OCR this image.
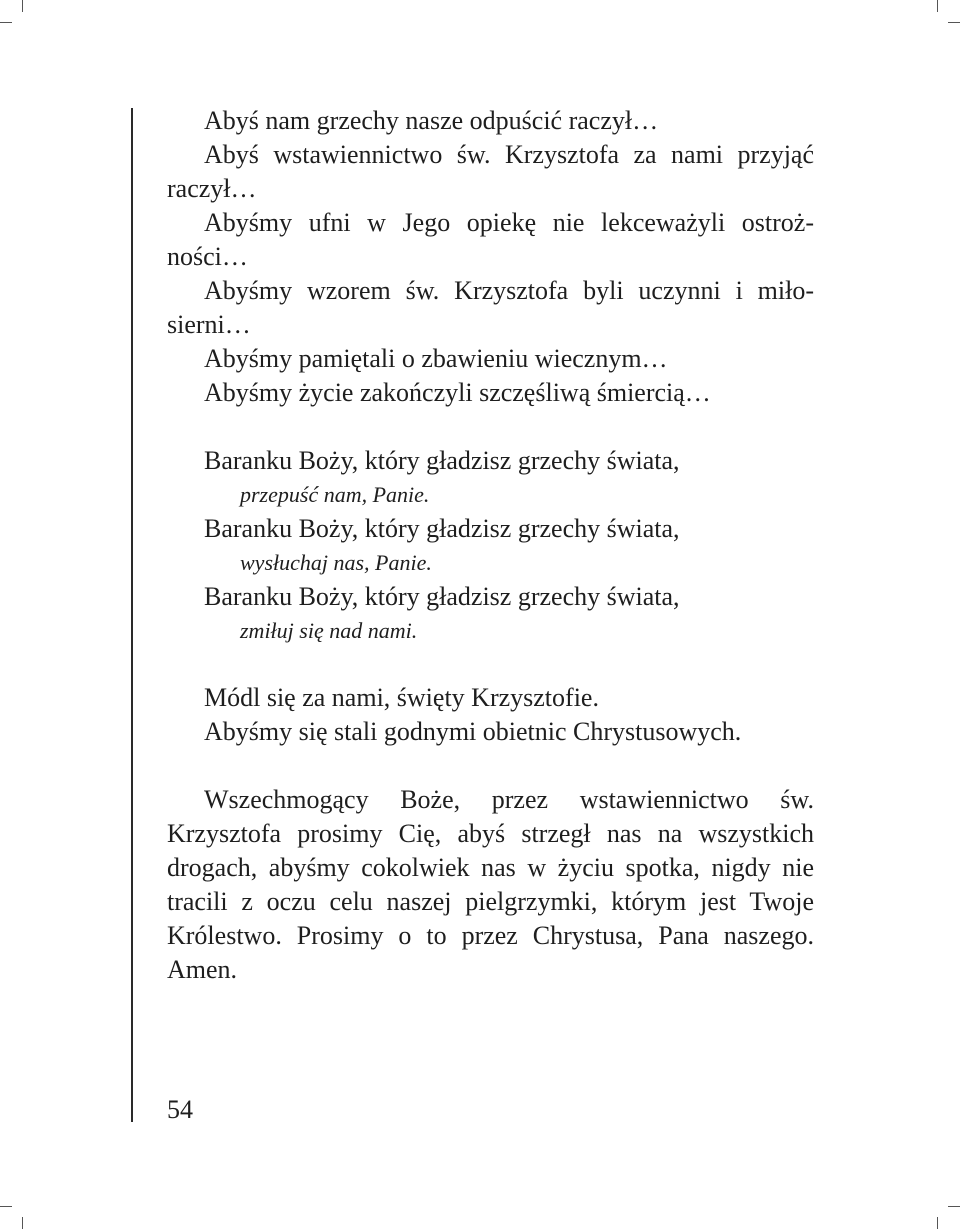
Abyś nam grzechy nasze odpuścić raczył…
Abyś wstawiennictwo św. Krzysztofa za nami przyjąć
raczył…
Abyśmy ufni w Jego opiekę nie lekceważyli ostroż-
ności…
Abyśmy wzorem św. Krzysztofa byli uczynni i miło-
sierni…
Abyśmy pamiętali o zbawieniu wiecznym…
Abyśmy życie zakończyli szczęśliwą śmiercią…
Baranku Boży, który gładzisz grzechy świata,
przepuść nam, Panie.
Baranku Boży, który gładzisz grzechy świata,
wysłuchaj nas, Panie.
Baranku Boży, który gładzisz grzechy świata,
zmiłuj się nad nami.
Módl się za nami, święty Krzysztofie.
Abyśmy się stali godnymi obietnic Chrystusowych.
Wszechmogący Boże, przez wstawiennictwo św.
Krzysztofa prosimy Cię, abyś strzegł nas na wszystkich
drogach, abyśmy cokolwiek nas w życiu spotka, nigdy nie
tracili z oczu celu naszej pielgrzymki, którym jest Twoje
Królestwo. Prosimy o to przez Chrystusa, Pana naszego.
Amen.
54
